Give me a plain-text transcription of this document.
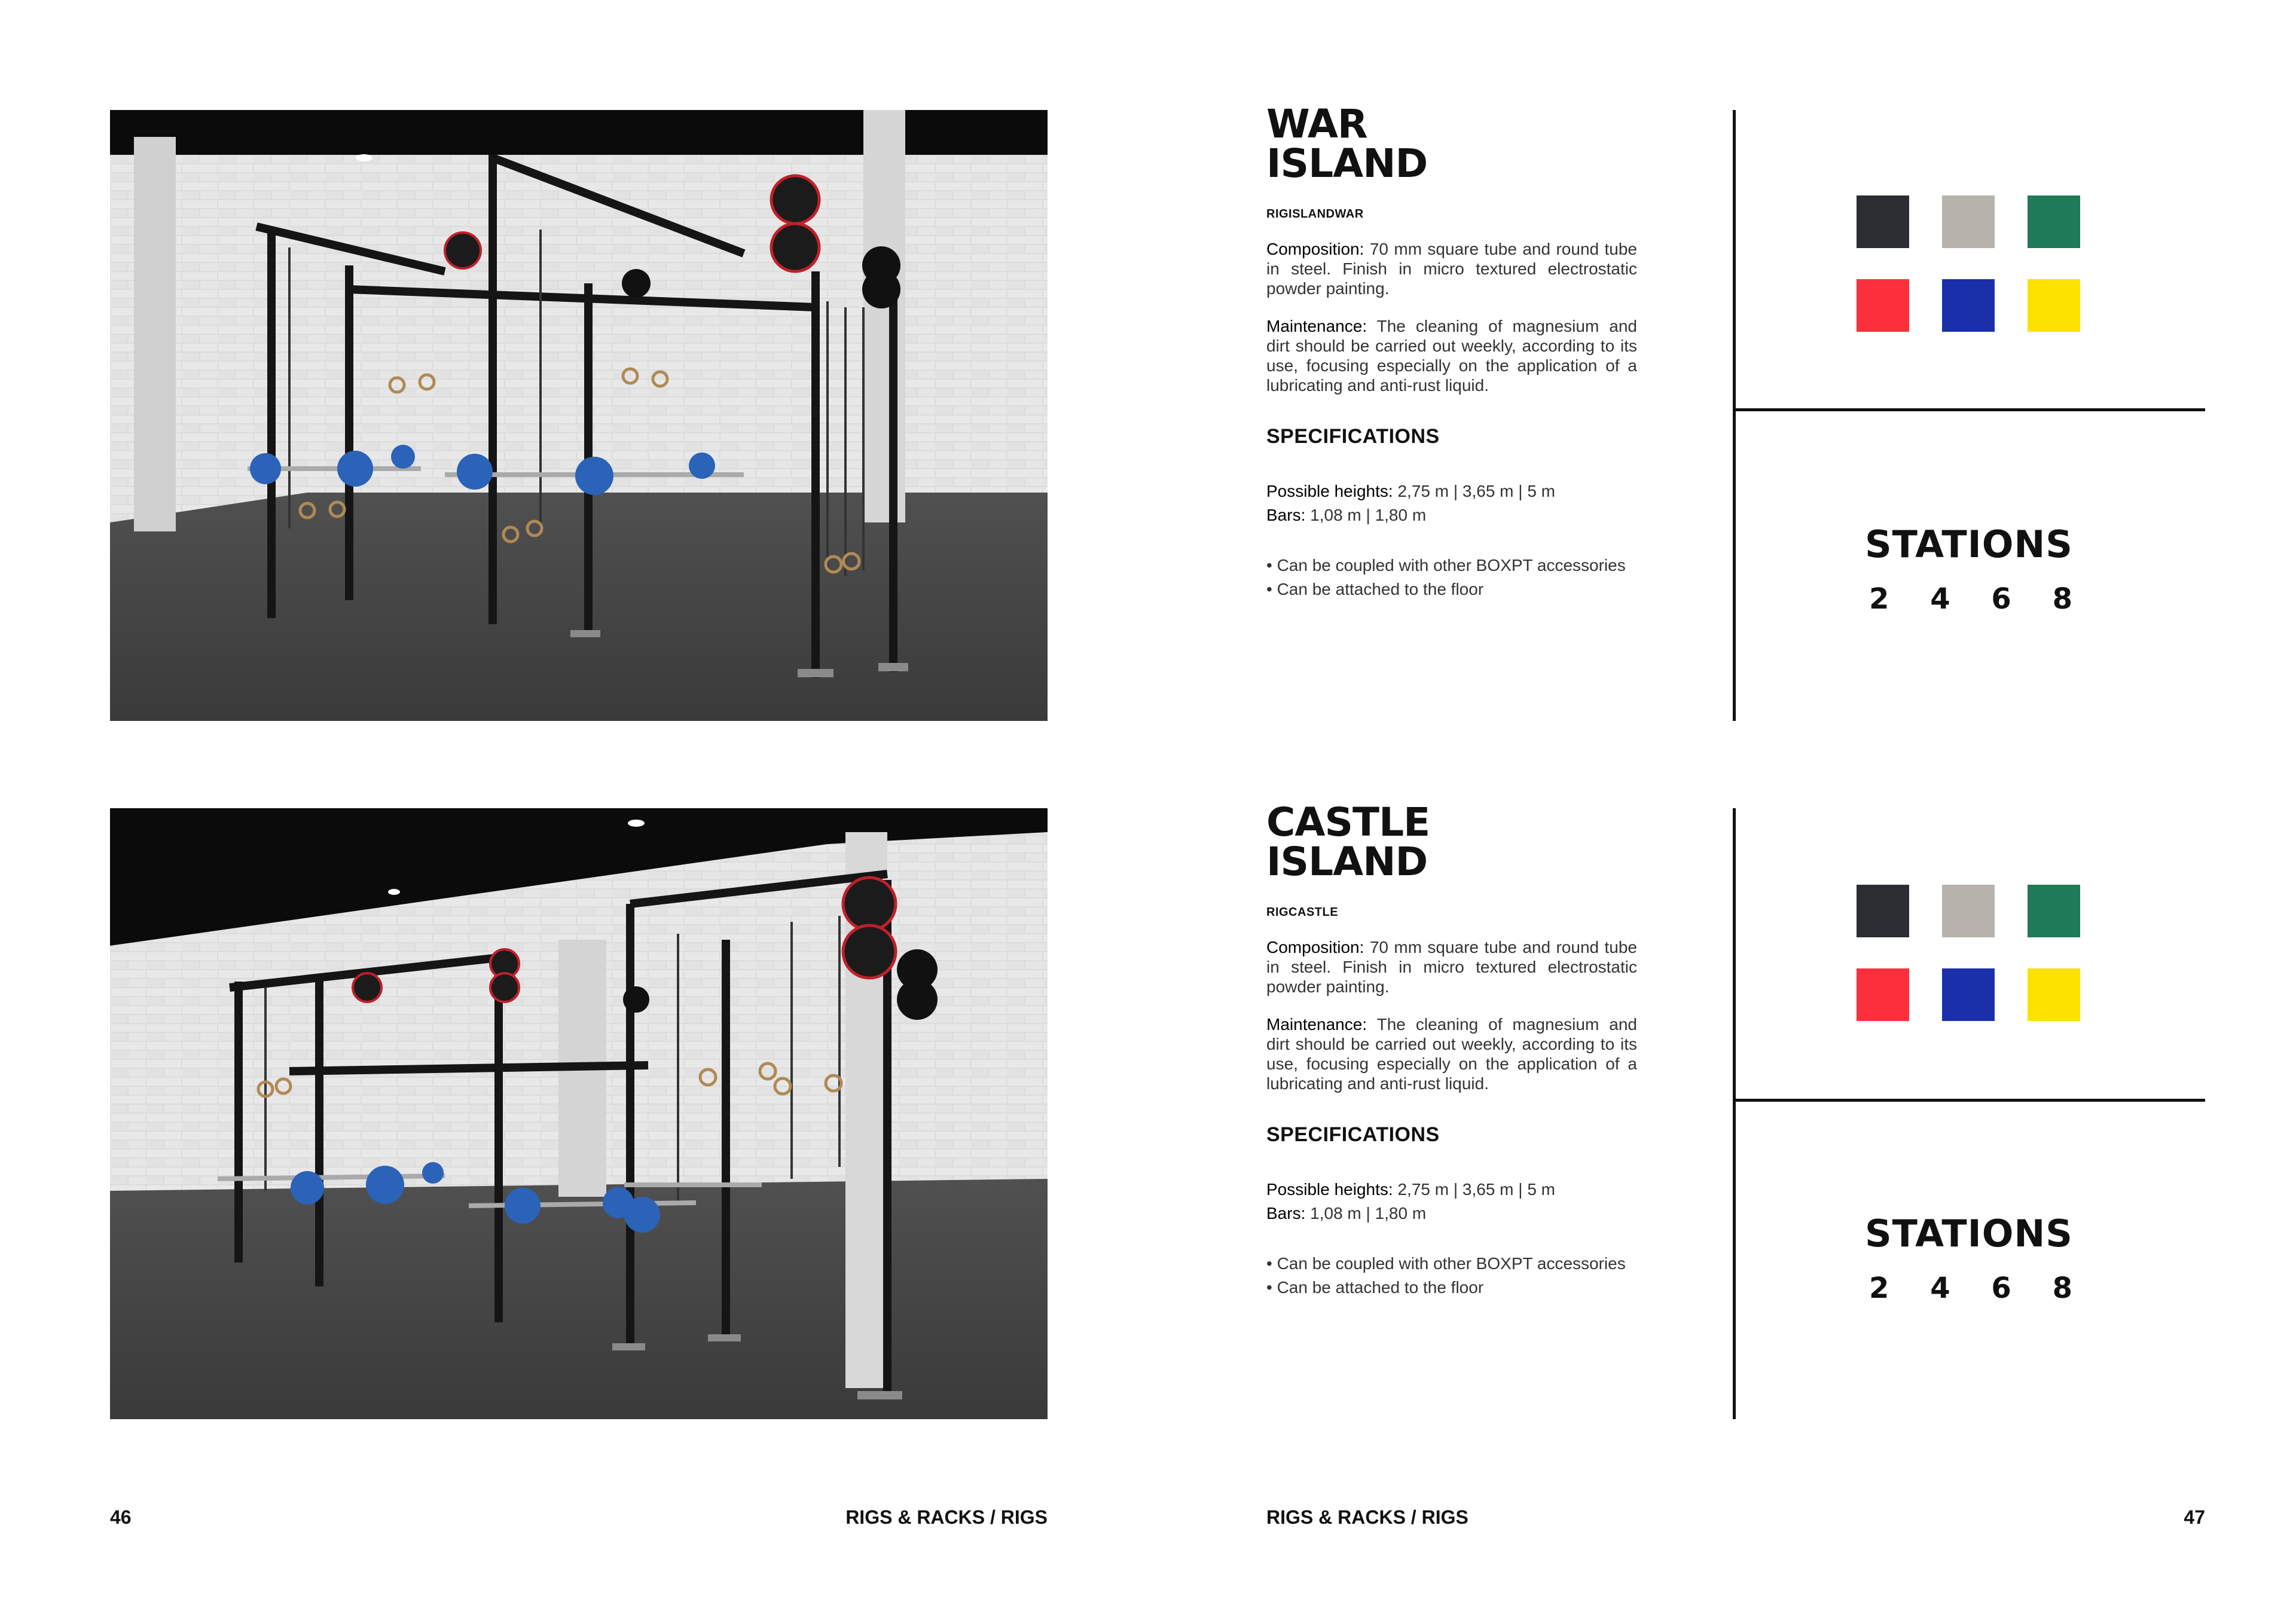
WAR
ISLAND
RIGISLANDWAR
Composition: 70 mm square tube and round tube in steel. Finish in micro textured electrostatic powder painting.
Maintenance: The cleaning of magnesium and dirt should be carried out weekly, according to its use, focusing especially on the application of a lubricating and anti-rust liquid.
SPECIFICATIONS
Possible heights: 2,75 m | 3,65 m | 5 m
Bars: 1,08 m | 1,80 m
• Can be coupled with other BOXPT accessories
• Can be attached to the floor
STATIONS
2 4 6 8
CASTLE
ISLAND
RIGCASTLE
Composition: 70 mm square tube and round tube in steel. Finish in micro textured electrostatic powder painting.
Maintenance: The cleaning of magnesium and dirt should be carried out weekly, according to its use, focusing especially on the application of a lubricating and anti-rust liquid.
SPECIFICATIONS
Possible heights: 2,75 m | 3,65 m | 5 m
Bars: 1,08 m | 1,80 m
• Can be coupled with other BOXPT accessories
• Can be attached to the floor
STATIONS
2 4 6 8
46	RIGS & RACKS / RIGS	RIGS & RACKS / RIGS	47
